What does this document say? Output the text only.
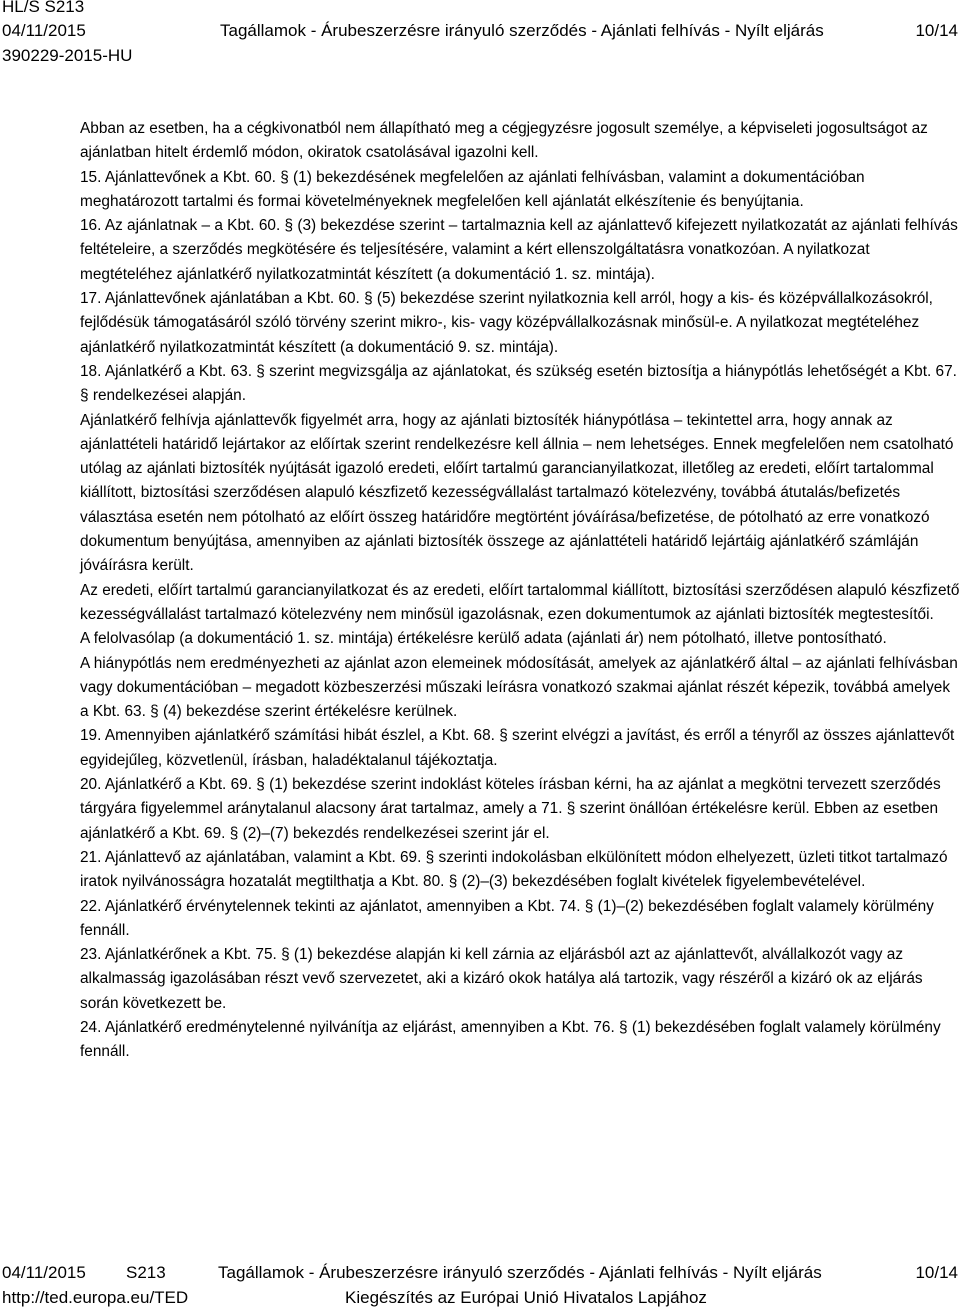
HL/S S213
04/11/2015	Tagállamok - Árubeszerzésre irányuló szerződés - Ajánlati felhívás - Nyílt eljárás	10/14
390229-2015-HU

Abban az esetben, ha a cégkivonatból nem állapítható meg a cégjegyzésre jogosult személye, a képviseleti jogosultságot az ajánlatban hitelt érdemlő módon, okiratok csatolásával igazolni kell.

15. Ajánlattevőnek a Kbt. 60. § (1) bekezdésének megfelelően az ajánlati felhívásban, valamint a dokumentációban meghatározott tartalmi és formai követelményeknek megfelelően kell ajánlatát elkészítenie és benyújtania.

16. Az ajánlatnak – a Kbt. 60. § (3) bekezdése szerint – tartalmaznia kell az ajánlattevő kifejezett nyilatkozatát az ajánlati felhívás feltételeire, a szerződés megkötésére és teljesítésére, valamint a kért ellenszolgáltatásra vonatkozóan. A nyilatkozat megtételéhez ajánlatkérő nyilatkozatmintát készített (a dokumentáció 1. sz. mintája).

17. Ajánlattevőnek ajánlatában a Kbt. 60. § (5) bekezdése szerint nyilatkoznia kell arról, hogy a kis- és középvállalkozásokról, fejlődésük támogatásáról szóló törvény szerint mikro-, kis- vagy középvállalkozásnak minősül-e. A nyilatkozat megtételéhez ajánlatkérő nyilatkozatmintát készített (a dokumentáció 9. sz. mintája).

18. Ajánlatkérő a Kbt. 63. § szerint megvizsgálja az ajánlatokat, és szükség esetén biztosítja a hiánypótlás lehetőségét a Kbt. 67. § rendelkezései alapján.

Ajánlatkérő felhívja ajánlattevők figyelmét arra, hogy az ajánlati biztosíték hiánypótlása – tekintettel arra, hogy annak az ajánlattételi határidő lejártakor az előírtak szerint rendelkezésre kell állnia – nem lehetséges. Ennek megfelelően nem csatolható utólag az ajánlati biztosíték nyújtását igazoló eredeti, előírt tartalmú garancianyilatkozat, illetőleg az eredeti, előírt tartalommal kiállított, biztosítási szerződésen alapuló készfizető kezességvállalást tartalmazó kötelezvény, továbbá átutalás/befizetés választása esetén nem pótolható az előírt összeg határidőre megtörtént jóváírása/befizetése, de pótolható az erre vonatkozó dokumentum benyújtása, amennyiben az ajánlati biztosíték összege az ajánlattételi határidő lejártáig ajánlatkérő számláján jóváírásra került.

Az eredeti, előírt tartalmú garancianyilatkozat és az eredeti, előírt tartalommal kiállított, biztosítási szerződésen alapuló készfizető kezességvállalást tartalmazó kötelezvény nem minősül igazolásnak, ezen dokumentumok az ajánlati biztosíték megtestesítői.

A felolvasólap (a dokumentáció 1. sz. mintája) értékelésre kerülő adata (ajánlati ár) nem pótolható, illetve pontosítható.

A hiánypótlás nem eredményezheti az ajánlat azon elemeinek módosítását, amelyek az ajánlatkérő által – az ajánlati felhívásban vagy dokumentációban – megadott közbeszerzési műszaki leírásra vonatkozó szakmai ajánlat részét képezik, továbbá amelyek a Kbt. 63. § (4) bekezdése szerint értékelésre kerülnek.

19. Amennyiben ajánlatkérő számítási hibát észlel, a Kbt. 68. § szerint elvégzi a javítást, és erről a tényről az összes ajánlattevőt egyidejűleg, közvetlenül, írásban, haladéktalanul tájékoztatja.

20. Ajánlatkérő a Kbt. 69. § (1) bekezdése szerint indoklást köteles írásban kérni, ha az ajánlat a megkötni tervezett szerződés tárgyára figyelemmel aránytalanul alacsony árat tartalmaz, amely a 71. § szerint önállóan értékelésre kerül. Ebben az esetben ajánlatkérő a Kbt. 69. § (2)–(7) bekezdés rendelkezései szerint jár el.

21. Ajánlattevő az ajánlatában, valamint a Kbt. 69. § szerinti indokolásban elkülönített módon elhelyezett, üzleti titkot tartalmazó iratok nyilvánosságra hozatalát megtilthatja a Kbt. 80. § (2)–(3) bekezdésében foglalt kivételek figyelembevételével.

22. Ajánlatkérő érvénytelennek tekinti az ajánlatot, amennyiben a Kbt. 74. § (1)–(2) bekezdésében foglalt valamely körülmény fennáll.

23. Ajánlatkérőnek a Kbt. 75. § (1) bekezdése alapján ki kell zárnia az eljárásból azt az ajánlattevőt, alvállalkozót vagy az alkalmasság igazolásában részt vevő szervezetet, aki a kizáró okok hatálya alá tartozik, vagy részéről a kizáró ok az eljárás során következett be.

24. Ajánlatkérő eredménytelenné nyilvánítja az eljárást, amennyiben a Kbt. 76. § (1) bekezdésében foglalt valamely körülmény fennáll.

04/11/2015 S213	Tagállamok - Árubeszerzésre irányuló szerződés - Ajánlati felhívás - Nyílt eljárás	10/14
http://ted.europa.eu/TED	Kiegészítés az Európai Unió Hivatalos Lapjához
